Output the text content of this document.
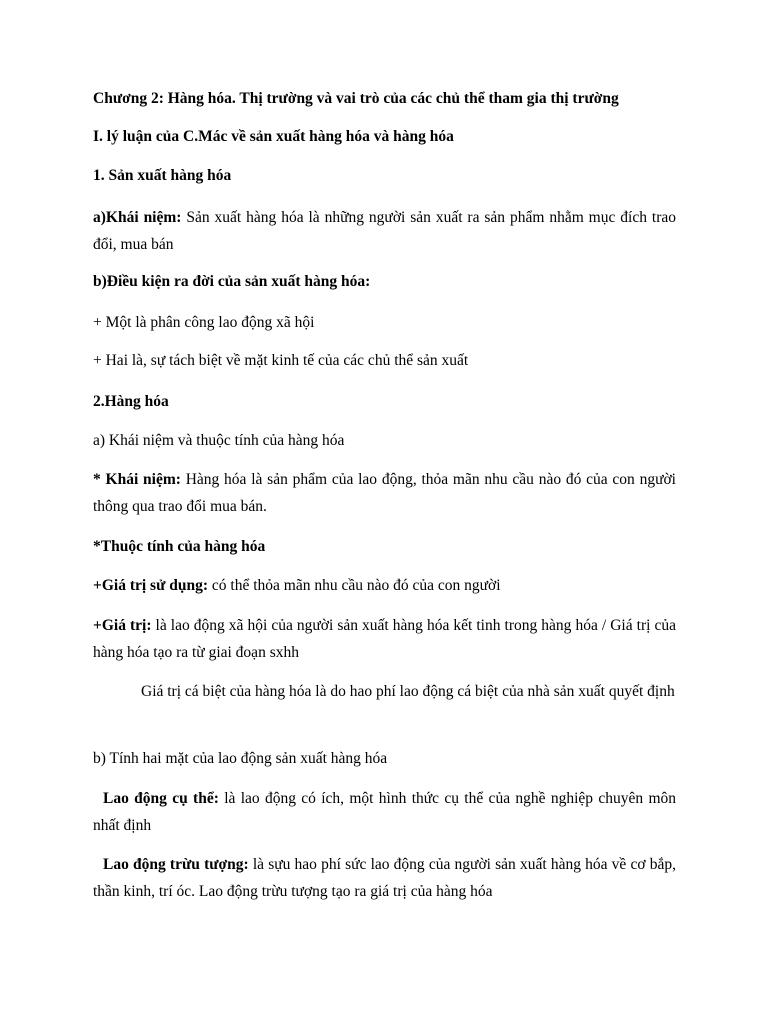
Chương 2: Hàng hóa. Thị trường và vai trò của các chủ thể tham gia thị trường

I. lý luận của C.Mác về sản xuất hàng hóa và hàng hóa

1. Sản xuất hàng hóa

a)Khái niệm: Sản xuất hàng hóa là những người sản xuất ra sản phẩm nhằm mục đích trao đổi, mua bán

b)Điều kiện ra đời của sản xuất hàng hóa:

+ Một là phân công lao động xã hội

+ Hai là, sự tách biệt về mặt kinh tế của các chủ thể sản xuất

2.Hàng hóa

a) Khái niệm và thuộc tính của hàng hóa

* Khái niệm: Hàng hóa là sản phẩm của lao động, thỏa mãn nhu cầu nào đó của con người thông qua trao đổi mua bán.

*Thuộc tính của hàng hóa

+Giá trị sử dụng: có thể thỏa mãn nhu cầu nào đó của con người

+Giá trị: là lao động xã hội của người sản xuất hàng hóa kết tinh trong hàng hóa / Giá trị của hàng hóa tạo ra từ giai đoạn sxhh

Giá trị cá biệt của hàng hóa là do hao phí lao động cá biệt của nhà sản xuất quyết định

b) Tính hai mặt của lao động sản xuất hàng hóa

Lao động cụ thể: là lao động có ích, một hình thức cụ thể của nghề nghiệp chuyên môn nhất định

Lao động trừu tượng: là sựu hao phí sức lao động của người sản xuất hàng hóa về cơ bắp, thần kinh, trí óc. Lao động trừu tượng tạo ra giá trị của hàng hóa
